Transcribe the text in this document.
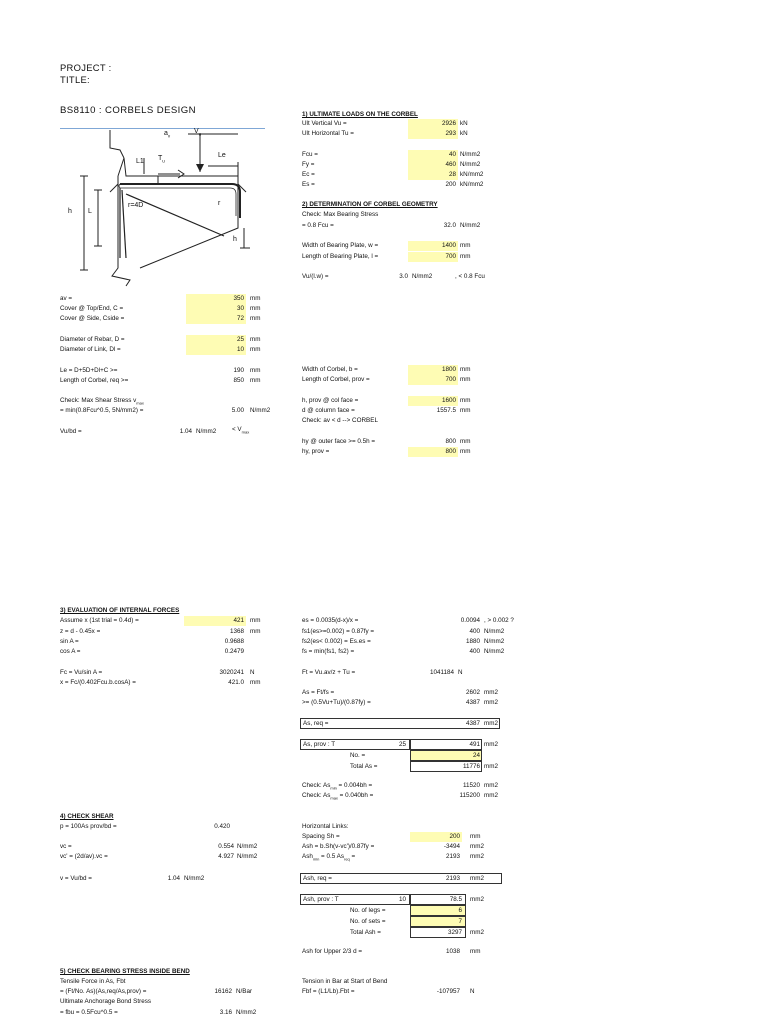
PROJECT :
TITLE:
BS8110 : CORBELS DESIGN
$a_v$
$V_u$
L1 $T_u$
Le
h L
r=4D	r
h
av =	350 mm
Cover @ Top/End, C =	30 mm
Cover @ Side, Cside =	72 mm
Diameter of Rebar, D =	25 mm
Diameter of Link, Dl =	10 mm
Le = D+5D+Dl+C >=	190 mm
Length of Corbel, req >=	850 mm
Check: Max Shear Stress $v_{max}$
= min(0.8Fcu^0.5, 5N/mm2) =	5.00 N/mm2
Vu/bd =	1.04 $N/mm2 < V_{max}$
1) ULTIMATE LOADS ON THE CORBEL
Ult Vertical Vu =	2926 kN
Ult Horizontal Tu =	293 kN
Fcu =	40 N/mm2
Fy =	460 N/mm2
Ec =	28 kN/mm2
Es =	200 kN/mm2
2) DETERMINATION OF CORBEL GEOMETRY
Check: Max Bearing Stress
= 0.8 Fcu =	32.0 N/mm2
Width of Bearing Plate, w =	1400 mm
Length of Bearing Plate, l =	700 mm
Vu/(l.w) =	3.0 N/mm2	, < 0.8 Fcu
Width of Corbel, b =	1800 mm
Length of Corbel, prov =	700 mm
h, prov @ col face =	1600 mm
d @ column face =	1557.5 mm
Check: av < d --> CORBEL
hy @ outer face >= 0.5h =	800 mm
hy, prov =	800 mm
3) EVALUATION OF INTERNAL FORCES
Assume x (1st trial = 0.4d) =	421 mm
z = d - 0.45x =	1368 mm
sin A =	0.9688
cos A =	0.2479
Fc = Vu/sin A =	3020241 N
x = Fc/(0.402Fcu.b.cosA) =	421.0 mm
es = 0.0035(d-x)/x =	0.0094 , > 0.002 ?
fs1(es>=0.002) = 0.87fy =	400 N/mm2
fs2(es< 0.002) = Es.es =	1880 N/mm2
fs = min(fs1, fs2) =	400 N/mm2
Ft = Vu.av/z + Tu =	1041184 N
As = Ft/fs =	2602 mm2
>= (0.5Vu+Tu)/(0.87fy) =	4387 mm2
As, req =	4387 mm2
As, prov : T	25	491 mm2
No. =	24
Total As =	11776 mm2
Check: $As_{min} = 0.004bh$ =	11520 mm2
Check: $As_{max} = 0.040bh$ =	115200 mm2
4) CHECK SHEAR
p = 100As prov/bd =	0.420
vc =	0.554 N/mm2
vc' = (2d/av).vc =	4.927 N/mm2
v = Vu/bd =	1.04 N/mm2
Horizontal Links:
Spacing Sh =	200 mm
Ash = b.Sh(v-vc')/0.87fy =	-3494 mm2
Ash$_{min}$ = 0.5 $As_{req}$ =	2193 mm2
Ash, req =	2193 mm2
Ash, prov : T	10	78.5 mm2
No. of legs =	6
No. of sets =	7
Total Ash =	3297 mm2
Ash for Upper 2/3 d =	1038 mm
5) CHECK BEARING STRESS INSIDE BEND
Tensile Force in As, Fbt
= (Ft/No. As)(As,req/As,prov) =	16162 N/Bar
Ultimate Anchorage Bond Stress
= fbu = 0.5Fcu^0.5 =	3.16 N/mm2
Tension in Bar at Start of Bend
Fbf = (L1/Lb).Fbt =	-107957 N
